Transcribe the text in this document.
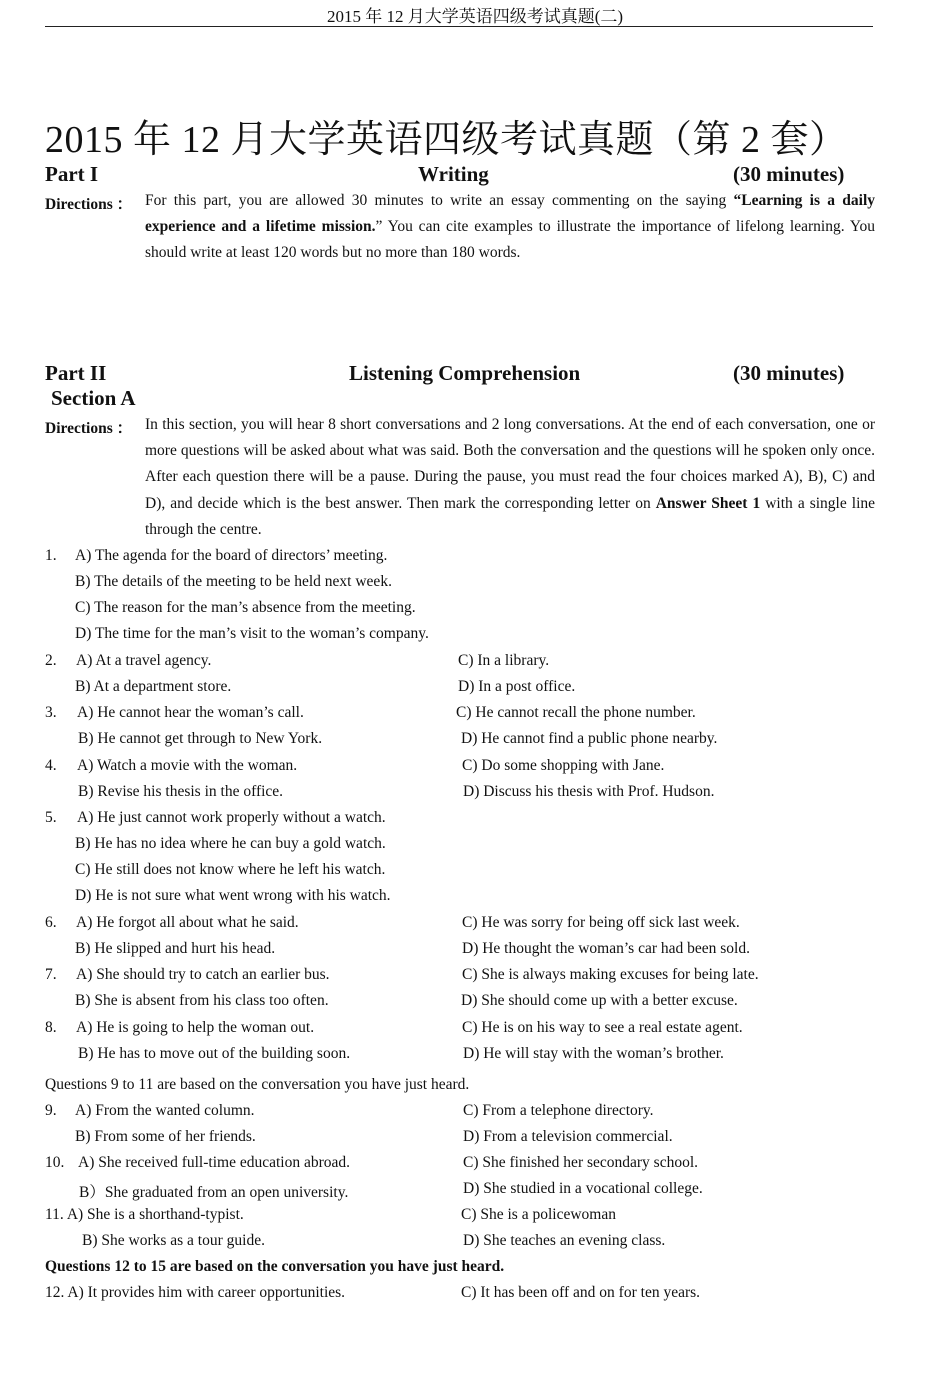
2015 年 12 月大学英语四级考试真题(二)
2015 年 12 月大学英语四级考试真题（第 2 套）
Part I	Writing	(30 minutes)
Directions ： For this part, you are allowed 30 minutes to write an essay commenting on the saying “Learning is a daily experience and a lifetime mission.” You can cite examples to illustrate the importance of lifelong learning. You should write at least 120 words but no more than 180 words.
Part II	Listening Comprehension	(30 minutes)
Section A
Directions ： In this section, you will hear 8 short conversations and 2 long conversations. At the end of each conversation, one or more questions will be asked about what was said. Both the conversation and the questions will he spoken only once. After each question there will be a pause. During the pause, you must read the four choices marked A), B), C) and D), and decide which is the best answer. Then mark the corresponding letter on Answer Sheet 1 with a single line through the centre.
1. A) The agenda for the board of directors’ meeting.
B) The details of the meeting to be held next week.
C) The reason for the man’s absence from the meeting.
D) The time for the man’s visit to the woman’s company.
2. A) At a travel agency.	C) In a library.
B) At a department store.	D) In a post office.
3. A) He cannot hear the woman’s call.	C) He cannot recall the phone number.
B) He cannot get through to New York.	D) He cannot find a public phone nearby.
4. A) Watch a movie with the woman.	C) Do some shopping with Jane.
B) Revise his thesis in the office.	D) Discuss his thesis with Prof. Hudson.
5. A) He just cannot work properly without a watch.
B) He has no idea where he can buy a gold watch.
C) He still does not know where he left his watch.
D) He is not sure what went wrong with his watch.
6. A) He forgot all about what he said.	C) He was sorry for being off sick last week.
B) He slipped and hurt his head.	D) He thought the woman’s car had been sold.
7. A) She should try to catch an earlier bus.	C) She is always making excuses for being late.
B) She is absent from his class too often.	D) She should come up with a better excuse.
8. A) He is going to help the woman out.	C) He is on his way to see a real estate agent.
B) He has to move out of the building soon.	D) He will stay with the woman’s brother.
Questions 9 to 11 are based on the conversation you have just heard.
9. A) From the wanted column.	C) From a telephone directory.
B) From some of her friends.	D) From a television commercial.
10. A) She received full-time education abroad.	C) She finished her secondary school.
B）She graduated from an open university.	D) She studied in a vocational college.
11. A) She is a shorthand-typist.	C) She is a policewoman
B) She works as a tour guide.	D) She teaches an evening class.
Questions 12 to 15 are based on the conversation you have just heard.
12. A) It provides him with career opportunities.	C) It has been off and on for ten years.
